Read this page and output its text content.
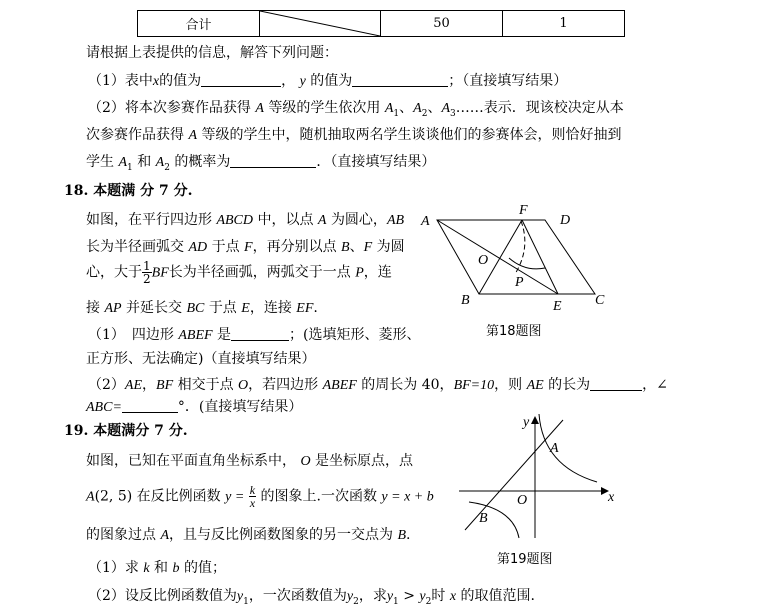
合计		50	1
请根据上表提供的信息，解答下列问题：
（1）表中x的值为	， y 的值为	；（直接填写结果）
（2）将本次参赛作品获得 A 等级的学生依次用 $A_1$、$A_2$、$A_3\dots\dots$表示．现该校决定从本
次参赛作品获得 A 等级的学生中，随机抽取两名学生谈谈他们的参赛体会，则恰好抽到
学生 $A_1$ 和 $A_2$ 的概率为	．（直接填写结果）
18. 本题满 分 7 分.
如图，在平行四边形 ABCD 中，以点 A 为圆心，AB
长为半径画弧交 AD 于点 F，再分别以点 B、F 为圆
心，大于 $\frac{1}{2}$ BF长为半径画弧，两弧交于一点 P，连
接 AP 并延长交 BC 于点 E，连接 EF.
（1）　四边形 ABEF 是	；(选填矩形、菱形、
正方形、无法确定)（直接填写结果）
（2）AE，BF 相交于点 O，若四边形 ABEF 的周长为 40，BF=10，则 AE 的长为	，∠
ABC=	°．(直接填写结果）
A
F
D
O
P
B	E C
第18题图
19. 本题满分 7 分.
如图，已知在平面直角坐标系中， O 是坐标原点，点
A(2, 5) 在反比例函数 $y = \frac{k}{x}$ 的图象上.一次函数 y = x + b
的图象过点 A，且与反比例函数图象的另一交点为 B.
（1）求 k 和 b 的值；
（2）设反比例函数值为$y_1$，一次函数值为$y_2$，求$y_1 > y_2$时 x 的取值范围.
y
x
O
A
B
第19题图
